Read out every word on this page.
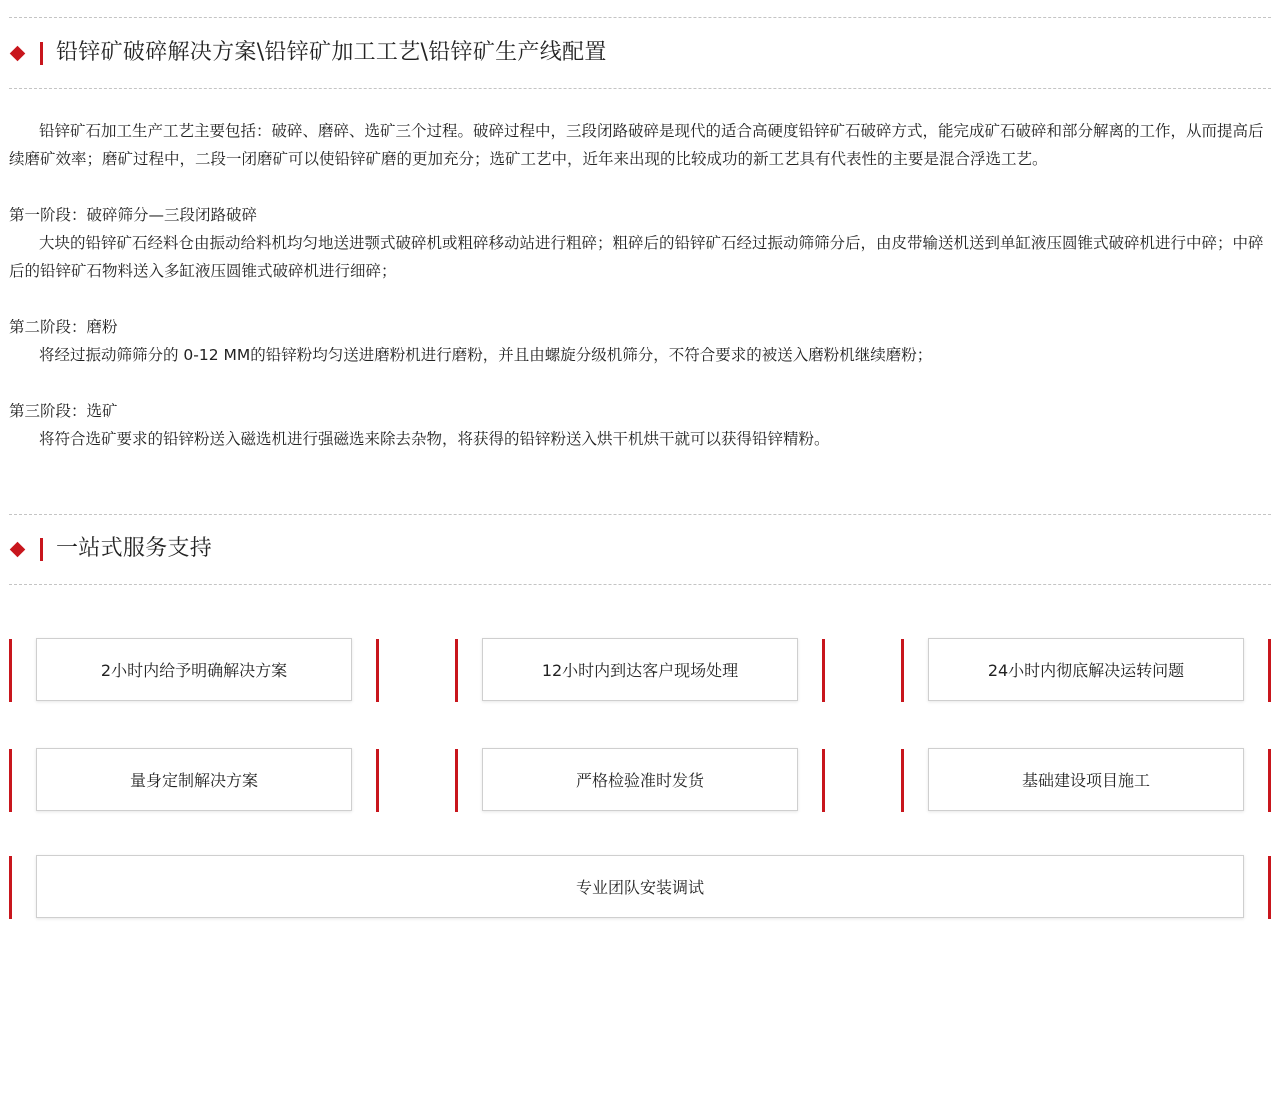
铅锌矿破碎解决方案\铅锌矿加工工艺\铅锌矿生产线配置

铅锌矿石加工生产工艺主要包括：破碎、磨碎、选矿三个过程。破碎过程中，三段闭路破碎是现代的适合高硬度铅锌矿石破碎方式，能完成矿石破碎和部分解离的工作，从而提高后续磨矿效率；磨矿过程中，二段一闭磨矿可以使铅锌矿磨的更加充分；选矿工艺中，近年来出现的比较成功的新工艺具有代表性的主要是混合浮选工艺。

第一阶段：破碎筛分—三段闭路破碎

大块的铅锌矿石经料仓由振动给料机均匀地送进颚式破碎机或粗碎移动站进行粗碎；粗碎后的铅锌矿石经过振动筛筛分后，由皮带输送机送到单缸液压圆锥式破碎机进行中碎；中碎后的铅锌矿石物料送入多缸液压圆锥式破碎机进行细碎；

第二阶段：磨粉

将经过振动筛筛分的 0-12 MM的铅锌粉均匀送进磨粉机进行磨粉，并且由螺旋分级机筛分，不符合要求的被送入磨粉机继续磨粉；

第三阶段：选矿

将符合选矿要求的铅锌粉送入磁选机进行强磁选来除去杂物，将获得的铅锌粉送入烘干机烘干就可以获得铅锌精粉。

一站式服务支持
2小时内给予明确解决方案	12小时内到达客户现场处理	24小时内彻底解决运转问题
量身定制解决方案	严格检验准时发货	基础建设项目施工
专业团队安装调试
